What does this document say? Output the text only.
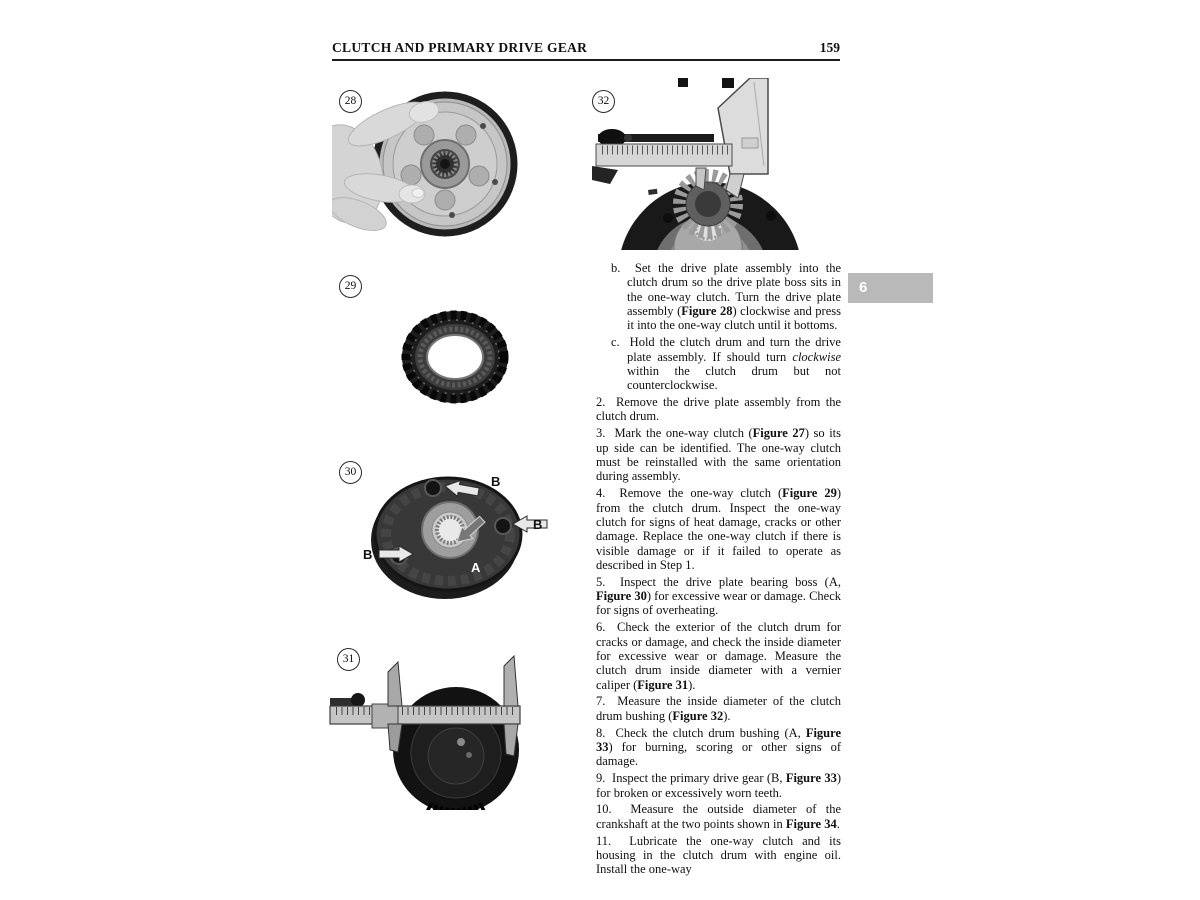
CLUTCH AND PRIMARY DRIVE GEAR	159
6
28
29
30
31
32
B
B
B
A

b.  Set the drive plate assembly into the clutch drum so the drive plate boss sits in the one-way clutch. Turn the drive plate assembly (Figure 28) clockwise and press it into the one-way clutch until it bottoms.

c.  Hold the clutch drum and turn the drive plate assembly. If should turn clockwise within the clutch drum but not counterclockwise.

2.  Remove the drive plate assembly from the clutch drum.

3.  Mark the one-way clutch (Figure 27) so its up side can be identified. The one-way clutch must be reinstalled with the same orientation during assembly.

4.  Remove the one-way clutch (Figure 29) from the clutch drum. Inspect the one-way clutch for signs of heat damage, cracks or other damage. Replace the one-way clutch if there is visible damage or if it failed to operate as described in Step 1.

5.  Inspect the drive plate bearing boss (A, Figure 30) for excessive wear or damage. Check for signs of overheating.

6.  Check the exterior of the clutch drum for cracks or damage, and check the inside diameter for excessive wear or damage. Measure the clutch drum inside diameter with a vernier caliper (Figure 31).

7.  Measure the inside diameter of the clutch drum bushing (Figure 32).

8.  Check the clutch drum bushing (A, Figure 33) for burning, scoring or other signs of damage.

9.  Inspect the primary drive gear (B, Figure 33) for broken or excessively worn teeth.

10.  Measure the outside diameter of the crankshaft at the two points shown in Figure 34.

11.  Lubricate the one-way clutch and its housing in the clutch drum with engine oil. Install the one-way
